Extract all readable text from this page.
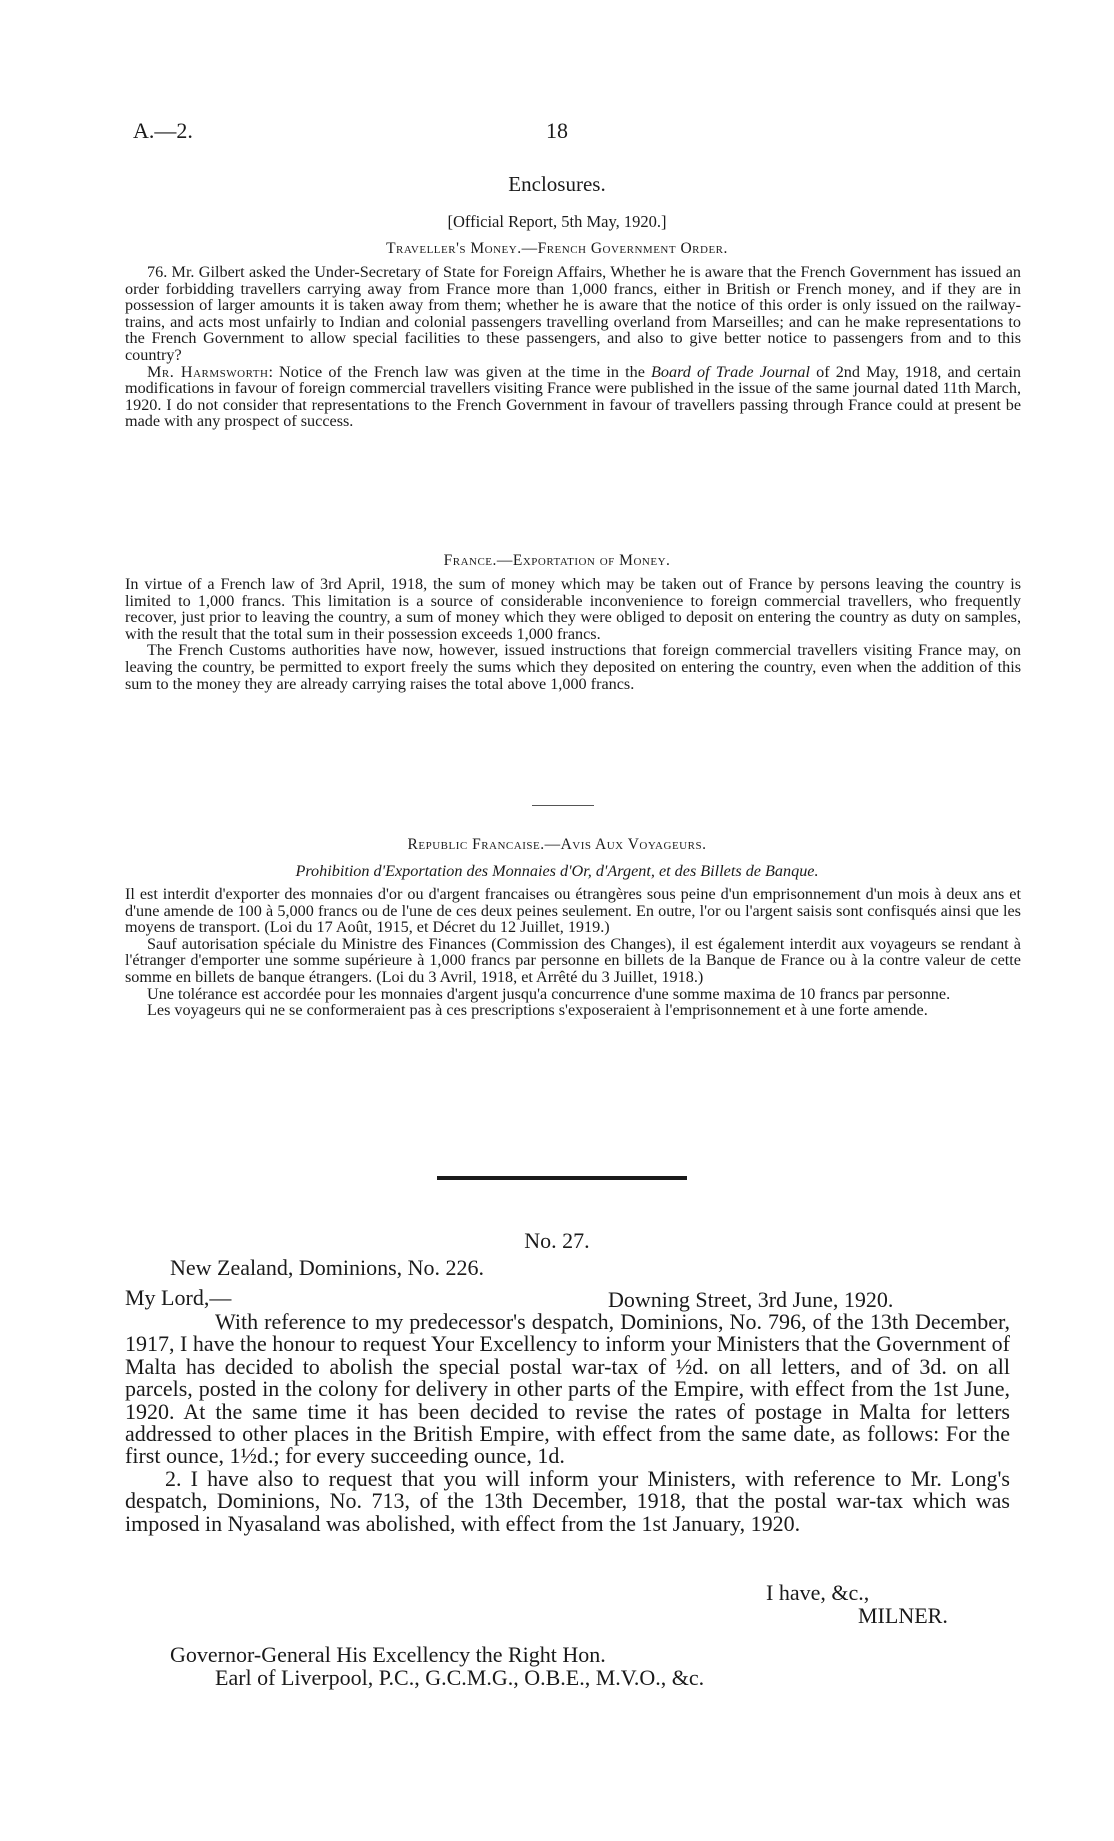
A.—2.	18
Enclosures.
[Official Report, 5th May, 1920.]
Traveller's Money.—French Government Order.

76. Mr. Gilbert asked the Under-Secretary of State for Foreign Affairs, Whether he is aware that the French Government has issued an order forbidding travellers carrying away from France more than 1,000 francs, either in British or French money, and if they are in possession of larger amounts it is taken away from them; whether he is aware that the notice of this order is only issued on the railway-trains, and acts most unfairly to Indian and colonial passengers travelling overland from Marseilles; and can he make representations to the French Government to allow special facilities to these passengers, and also to give better notice to passengers from and to this country?

Mr. Harmsworth: Notice of the French law was given at the time in the Board of Trade Journal of 2nd May, 1918, and certain modifications in favour of foreign commercial travellers visiting France were published in the issue of the same journal dated 11th March, 1920. I do not consider that representations to the French Government in favour of travellers passing through France could at present be made with any prospect of success.

France.—Exportation of Money.

In virtue of a French law of 3rd April, 1918, the sum of money which may be taken out of France by persons leaving the country is limited to 1,000 francs. This limitation is a source of considerable inconvenience to foreign commercial travellers, who frequently recover, just prior to leaving the country, a sum of money which they were obliged to deposit on entering the country as duty on samples, with the result that the total sum in their possession exceeds 1,000 francs.

The French Customs authorities have now, however, issued instructions that foreign commercial travellers visiting France may, on leaving the country, be permitted to export freely the sums which they deposited on entering the country, even when the addition of this sum to the money they are already carrying raises the total above 1,000 francs.

Republic Francaise.—Avis Aux Voyageurs.
Prohibition d'Exportation des Monnaies d'Or, d'Argent, et des Billets de Banque.

Il est interdit d'exporter des monnaies d'or ou d'argent francaises ou étrangères sous peine d'un emprisonnement d'un mois à deux ans et d'une amende de 100 à 5,000 francs ou de l'une de ces deux peines seulement. En outre, l'or ou l'argent saisis sont confisqués ainsi que les moyens de transport. (Loi du 17 Août, 1915, et Décret du 12 Juillet, 1919.)

Sauf autorisation spéciale du Ministre des Finances (Commission des Changes), il est également interdit aux voyageurs se rendant à l'étranger d'emporter une somme supérieure à 1,000 francs par personne en billets de la Banque de France ou à la contre valeur de cette somme en billets de banque étrangers. (Loi du 3 Avril, 1918, et Arrêté du 3 Juillet, 1918.)

Une tolérance est accordée pour les monnaies d'argent jusqu'a concurrence d'une somme maxima de 10 francs par personne.

Les voyageurs qui ne se conformeraient pas à ces prescriptions s'exposeraient à l'emprisonnement et à une forte amende.

No. 27.
New Zealand, Dominions, No. 226.
My Lord,—	Downing Street, 3rd June, 1920.

With reference to my predecessor's despatch, Dominions, No. 796, of the 13th December, 1917, I have the honour to request Your Excellency to inform your Ministers that the Government of Malta has decided to abolish the special postal war-tax of ½d. on all letters, and of 3d. on all parcels, posted in the colony for delivery in other parts of the Empire, with effect from the 1st June, 1920. At the same time it has been decided to revise the rates of postage in Malta for letters addressed to other places in the British Empire, with effect from the same date, as follows: For the first ounce, 1½d.; for every succeeding ounce, 1d.

2. I have also to request that you will inform your Ministers, with reference to Mr. Long's despatch, Dominions, No. 713, of the 13th December, 1918, that the postal war-tax which was imposed in Nyasaland was abolished, with effect from the 1st January, 1920.

I have, &c.,
MILNER.
Governor-General His Excellency the Right Hon.
Earl of Liverpool, P.C., G.C.M.G., O.B.E., M.V.O., &c.
